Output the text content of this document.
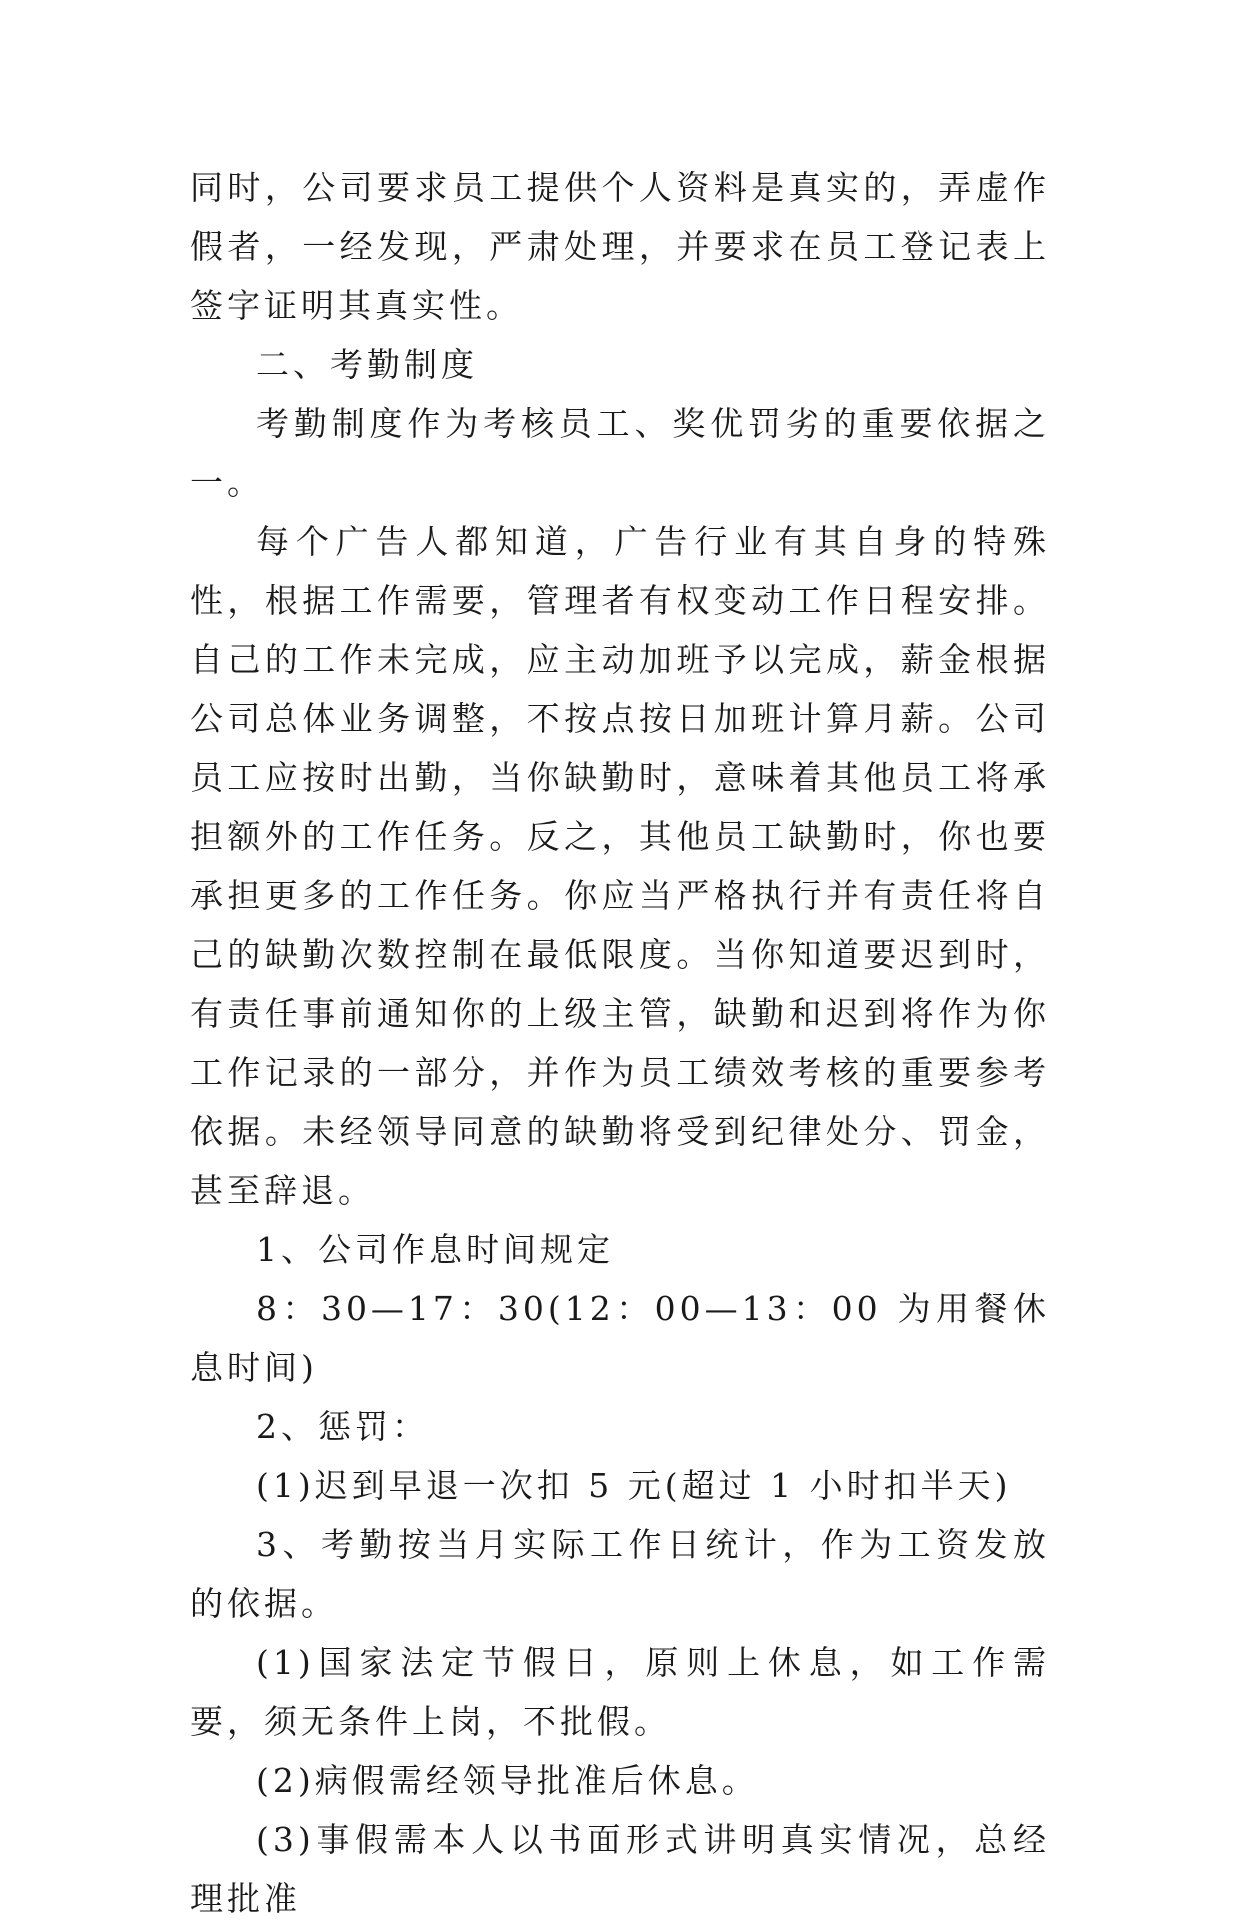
同时，公司要求员工提供个人资料是真实的，弄虚作假者，一经发现，严肃处理，并要求在员工登记表上签字证明其真实性。

二、考勤制度

考勤制度作为考核员工、奖优罚劣的重要依据之一。

每个广告人都知道，广告行业有其自身的特殊性，根据工作需要，管理者有权变动工作日程安排。自己的工作未完成，应主动加班予以完成，薪金根据公司总体业务调整，不按点按日加班计算月薪。公司员工应按时出勤，当你缺勤时，意味着其他员工将承担额外的工作任务。反之，其他员工缺勤时，你也要承担更多的工作任务。你应当严格执行并有责任将自己的缺勤次数控制在最低限度。当你知道要迟到时，有责任事前通知你的上级主管，缺勤和迟到将作为你工作记录的一部分，并作为员工绩效考核的重要参考依据。未经领导同意的缺勤将受到纪律处分、罚金，甚至辞退。

1、公司作息时间规定

8：30—17：30(12：00—13：00 为用餐休息时间)

2、惩罚：

(1)迟到早退一次扣 5 元(超过 1 小时扣半天)

3、考勤按当月实际工作日统计，作为工资发放的依据。

(1)国家法定节假日，原则上休息，如工作需要，须无条件上岗，不批假。

(2)病假需经领导批准后休息。

(3)事假需本人以书面形式讲明真实情况，总经理批准
